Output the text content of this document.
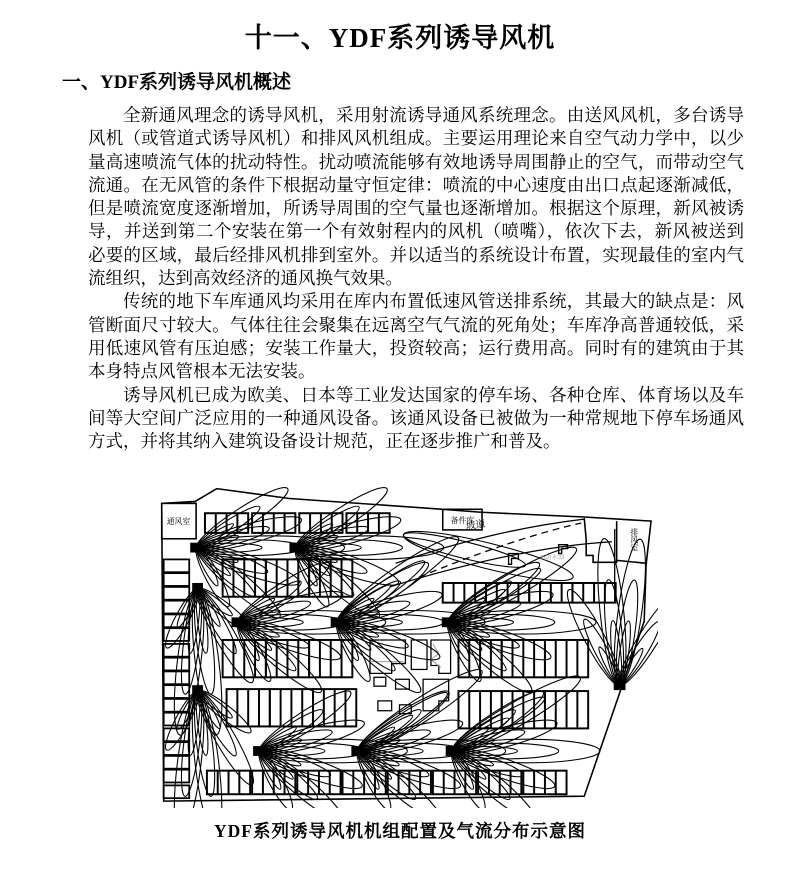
十一、YDF系列诱导风机
一、YDF系列诱导风机概述

全新通风理念的诱导风机，采用射流诱导通风系统理念。由送风风机，多台诱导风机（或管道式诱导风机）和排风风机组成。主要运用理论来自空气动力学中，以少量高速喷流气体的扰动特性。扰动喷流能够有效地诱导周围静止的空气，而带动空气流通。在无风管的条件下根据动量守恒定律：喷流的中心速度由出口点起逐渐减低，但是喷流宽度逐渐增加，所诱导周围的空气量也逐渐增加。根据这个原理，新风被诱导，并送到第二个安装在第一个有效射程内的风机（喷嘴），依次下去，新风被送到必要的区域，最后经排风机排到室外。并以适当的系统设计布置，实现最佳的室内气流组织，达到高效经济的通风换气效果。

传统的地下车库通风均采用在库内布置低速风管送排系统，其最大的缺点是：风管断面尺寸较大。气体往往会聚集在远离空气气流的死角处；车库净高普通较低，采用低速风管有压迫感；安装工作量大，投资较高；运行费用高。同时有的建筑由于其本身特点风管根本无法安装。

诱导风机已成为欧美、日本等工业发达国家的停车场、各种仓库、体育场以及车间等大空间广泛应用的一种通风设备。该通风设备已被做为一种常规地下停车场通风方式，并将其纳入建筑设备设计规范，正在逐步推广和普及。

通风室	备件库
坡道
排风室
消防水池
YDF系列诱导风机机组配置及气流分布示意图
